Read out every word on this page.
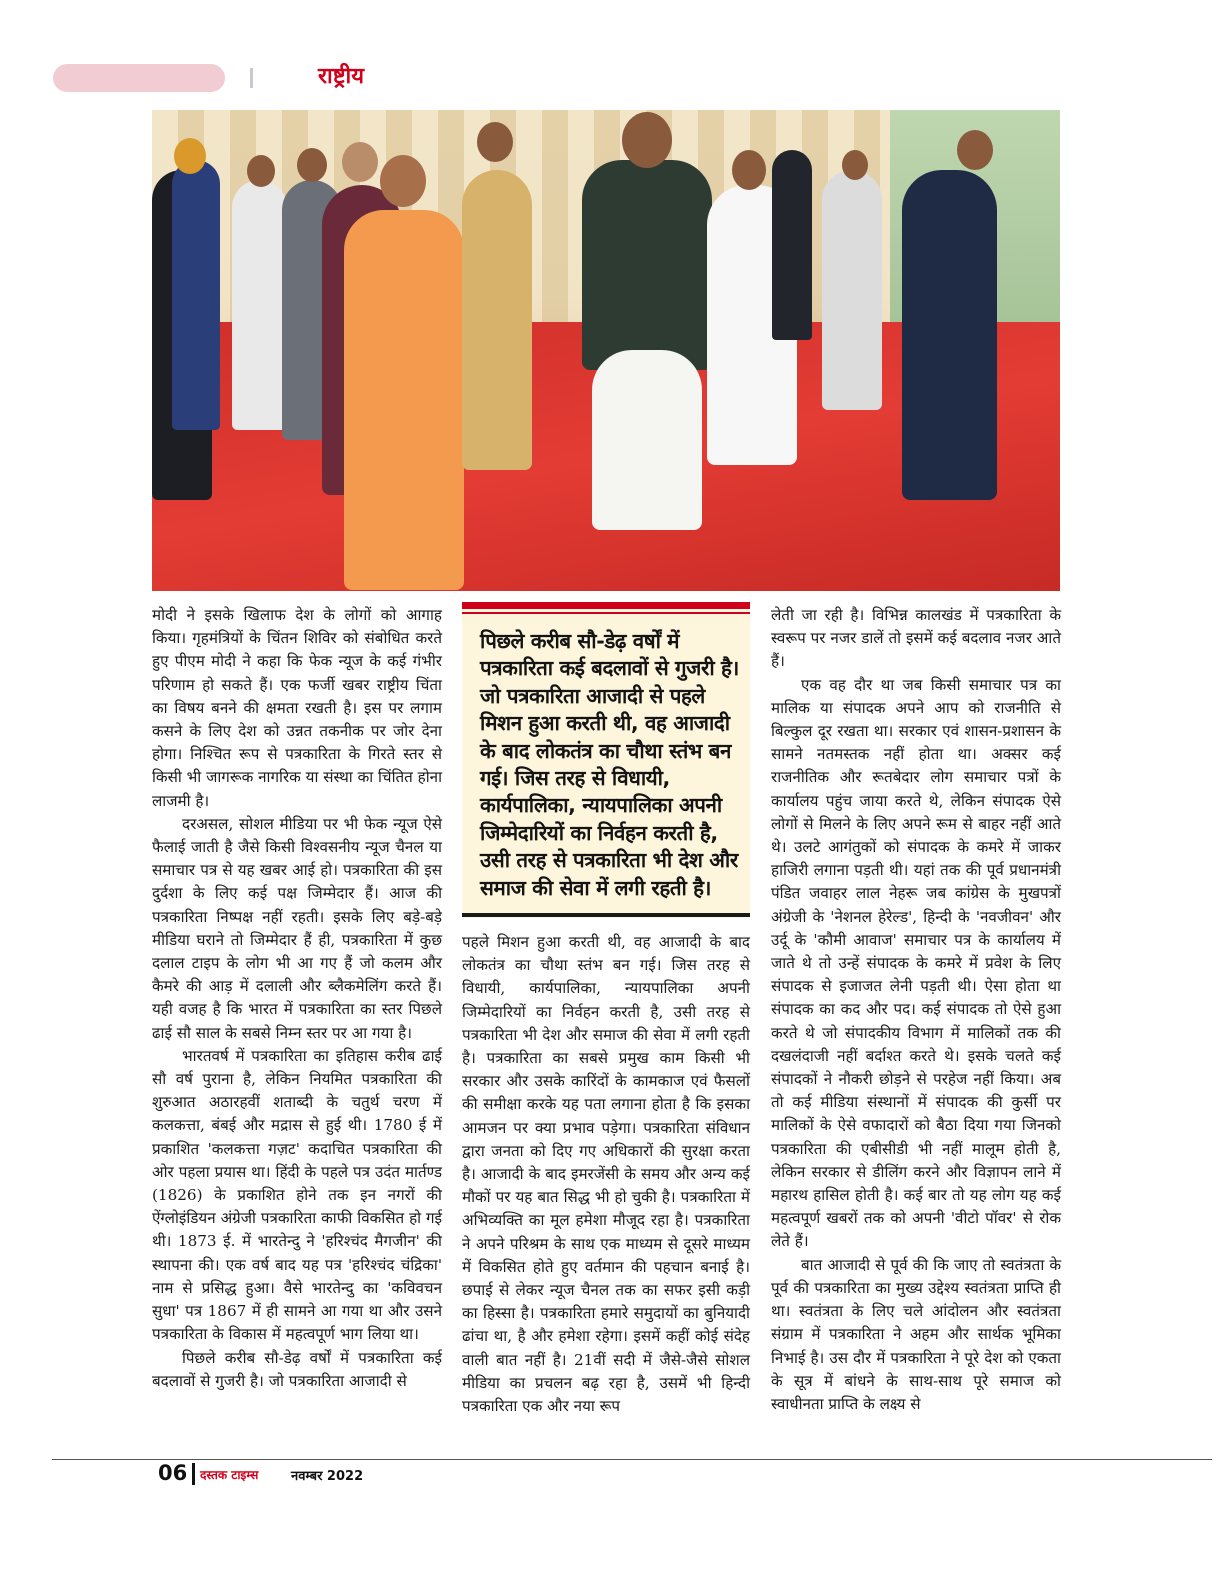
राष्ट्रीय

मोदी ने इसके खिलाफ देश के लोगों को आगाह किया। गृहमंत्रियों के चिंतन शिविर को संबोधित करते हुए पीएम मोदी ने कहा कि फेक न्यूज के कई गंभीर परिणाम हो सकते हैं। एक फर्जी खबर राष्ट्रीय चिंता का विषय बनने की क्षमता रखती है। इस पर लगाम कसने के लिए देश को उन्नत तकनीक पर जोर देना होगा। निश्चित रूप से पत्रकारिता के गिरते स्तर से किसी भी जागरूक नागरिक या संस्था का चिंतित होना लाजमी है।

दरअसल, सोशल मीडिया पर भी फेक न्यूज ऐसे फैलाई जाती है जैसे किसी विश्वसनीय न्यूज चैनल या समाचार पत्र से यह खबर आई हो। पत्रकारिता की इस दुर्दशा के लिए कई पक्ष जिम्मेदार हैं। आज की पत्रकारिता निष्पक्ष नहीं रहती। इसके लिए बड़े-बड़े मीडिया घराने तो जिम्मेदार हैं ही, पत्रकारिता में कुछ दलाल टाइप के लोग भी आ गए हैं जो कलम और कैमरे की आड़ में दलाली और ब्लैकमेलिंग करते हैं। यही वजह है कि भारत में पत्रकारिता का स्तर पिछले ढाई सौ साल के सबसे निम्न स्तर पर आ गया है।

भारतवर्ष में पत्रकारिता का इतिहास करीब ढाई सौ वर्ष पुराना है, लेकिन नियमित पत्रकारिता की शुरुआत अठारहवीं शताब्दी के चतुर्थ चरण में कलकत्ता, बंबई और मद्रास से हुई थी। 1780 ई में प्रकाशित 'कलकत्ता गज़ट' कदाचित पत्रकारिता की ओर पहला प्रयास था। हिंदी के पहले पत्र उदंत मार्तण्ड (1826) के प्रकाशित होने तक इन नगरों की ऐंग्लोइंडियन अंग्रेजी पत्रकारिता काफी विकसित हो गई थी। 1873 ई. में भारतेन्दु ने 'हरिश्चंद मैगजीन' की स्थापना की। एक वर्ष बाद यह पत्र 'हरिश्चंद चंद्रिका' नाम से प्रसिद्ध हुआ। वैसे भारतेन्दु का 'कविवचन सुधा' पत्र 1867 में ही सामने आ गया था और उसने पत्रकारिता के विकास में महत्वपूर्ण भाग लिया था।

पिछले करीब सौ-डेढ़ वर्षों में पत्रकारिता कई बदलावों से गुजरी है। जो पत्रकारिता आजादी से

पिछले करीब सौ-डेढ़ वर्षों में पत्रकारिता कई बदलावों से गुजरी है। जो पत्रकारिता आजादी से पहले मिशन हुआ करती थी, वह आजादी के बाद लोकतंत्र का चौथा स्तंभ बन गई। जिस तरह से विधायी, कार्यपालिका, न्यायपालिका अपनी जिम्मेदारियों का निर्वहन करती है, उसी तरह से पत्रकारिता भी देश और समाज की सेवा में लगी रहती है।

पहले मिशन हुआ करती थी, वह आजादी के बाद लोकतंत्र का चौथा स्तंभ बन गई। जिस तरह से विधायी, कार्यपालिका, न्यायपालिका अपनी जिम्मेदारियों का निर्वहन करती है, उसी तरह से पत्रकारिता भी देश और समाज की सेवा में लगी रहती है। पत्रकारिता का सबसे प्रमुख काम किसी भी सरकार और उसके कारिंदों के कामकाज एवं फैसलों की समीक्षा करके यह पता लगाना होता है कि इसका आमजन पर क्या प्रभाव पड़ेगा। पत्रकारिता संविधान द्वारा जनता को दिए गए अधिकारों की सुरक्षा करता है। आजादी के बाद इमरजेंसी के समय और अन्य कई मौकों पर यह बात सिद्ध भी हो चुकी है। पत्रकारिता में अभिव्यक्ति का मूल हमेशा मौजूद रहा है। पत्रकारिता ने अपने परिश्रम के साथ एक माध्यम से दूसरे माध्यम में विकसित होते हुए वर्तमान की पहचान बनाई है। छपाई से लेकर न्यूज चैनल तक का सफर इसी कड़ी का हिस्सा है। पत्रकारिता हमारे समुदायों का बुनियादी ढांचा था, है और हमेशा रहेगा। इसमें कहीं कोई संदेह वाली बात नहीं है। 21वीं सदी में जैसे-जैसे सोशल मीडिया का प्रचलन बढ़ रहा है, उसमें भी हिन्दी पत्रकारिता एक और नया रूप

लेती जा रही है। विभिन्न कालखंड में पत्रकारिता के स्वरूप पर नजर डालें तो इसमें कई बदलाव नजर आते हैं।

एक वह दौर था जब किसी समाचार पत्र का मालिक या संपादक अपने आप को राजनीति से बिल्कुल दूर रखता था। सरकार एवं शासन-प्रशासन के सामने नतमस्तक नहीं होता था। अक्सर कई राजनीतिक और रूतबेदार लोग समाचार पत्रों के कार्यालय पहुंच जाया करते थे, लेकिन संपादक ऐसे लोगों से मिलने के लिए अपने रूम से बाहर नहीं आते थे। उलटे आगंतुकों को संपादक के कमरे में जाकर हाजिरी लगाना पड़ती थी। यहां तक की पूर्व प्रधानमंत्री पंडित जवाहर लाल नेहरू जब कांग्रेस के मुखपत्रों अंग्रेजी के 'नेशनल हेरेल्ड', हिन्दी के 'नवजीवन' और उर्दू के 'कौमी आवाज' समाचार पत्र के कार्यालय में जाते थे तो उन्हें संपादक के कमरे में प्रवेश के लिए संपादक से इजाजत लेनी पड़ती थी। ऐसा होता था संपादक का कद और पद। कई संपादक तो ऐसे हुआ करते थे जो संपादकीय विभाग में मालिकों तक की दखलंदाजी नहीं बर्दाश्त करते थे। इसके चलते कई संपादकों ने नौकरी छोड़ने से परहेज नहीं किया। अब तो कई मीडिया संस्थानों में संपादक की कुर्सी पर मालिकों के ऐसे वफादारों को बैठा दिया गया जिनको पत्रकारिता की एबीसीडी भी नहीं मालूम होती है, लेकिन सरकार से डीलिंग करने और विज्ञापन लाने में महारथ हासिल होती है। कई बार तो यह लोग यह कई महत्वपूर्ण खबरों तक को अपनी 'वीटो पॉवर' से रोक लेते हैं।

बात आजादी से पूर्व की कि जाए तो स्वतंत्रता के पूर्व की पत्रकारिता का मुख्य उद्देश्य स्वतंत्रता प्राप्ति ही था। स्वतंत्रता के लिए चले आंदोलन और स्वतंत्रता संग्राम में पत्रकारिता ने अहम और सार्थक भूमिका निभाई है। उस दौर में पत्रकारिता ने पूरे देश को एकता के सूत्र में बांधने के साथ-साथ पूरे समाज को स्वाधीनता प्राप्ति के लक्ष्य से

06 दस्तक टाइम्स	नवम्बर 2022
